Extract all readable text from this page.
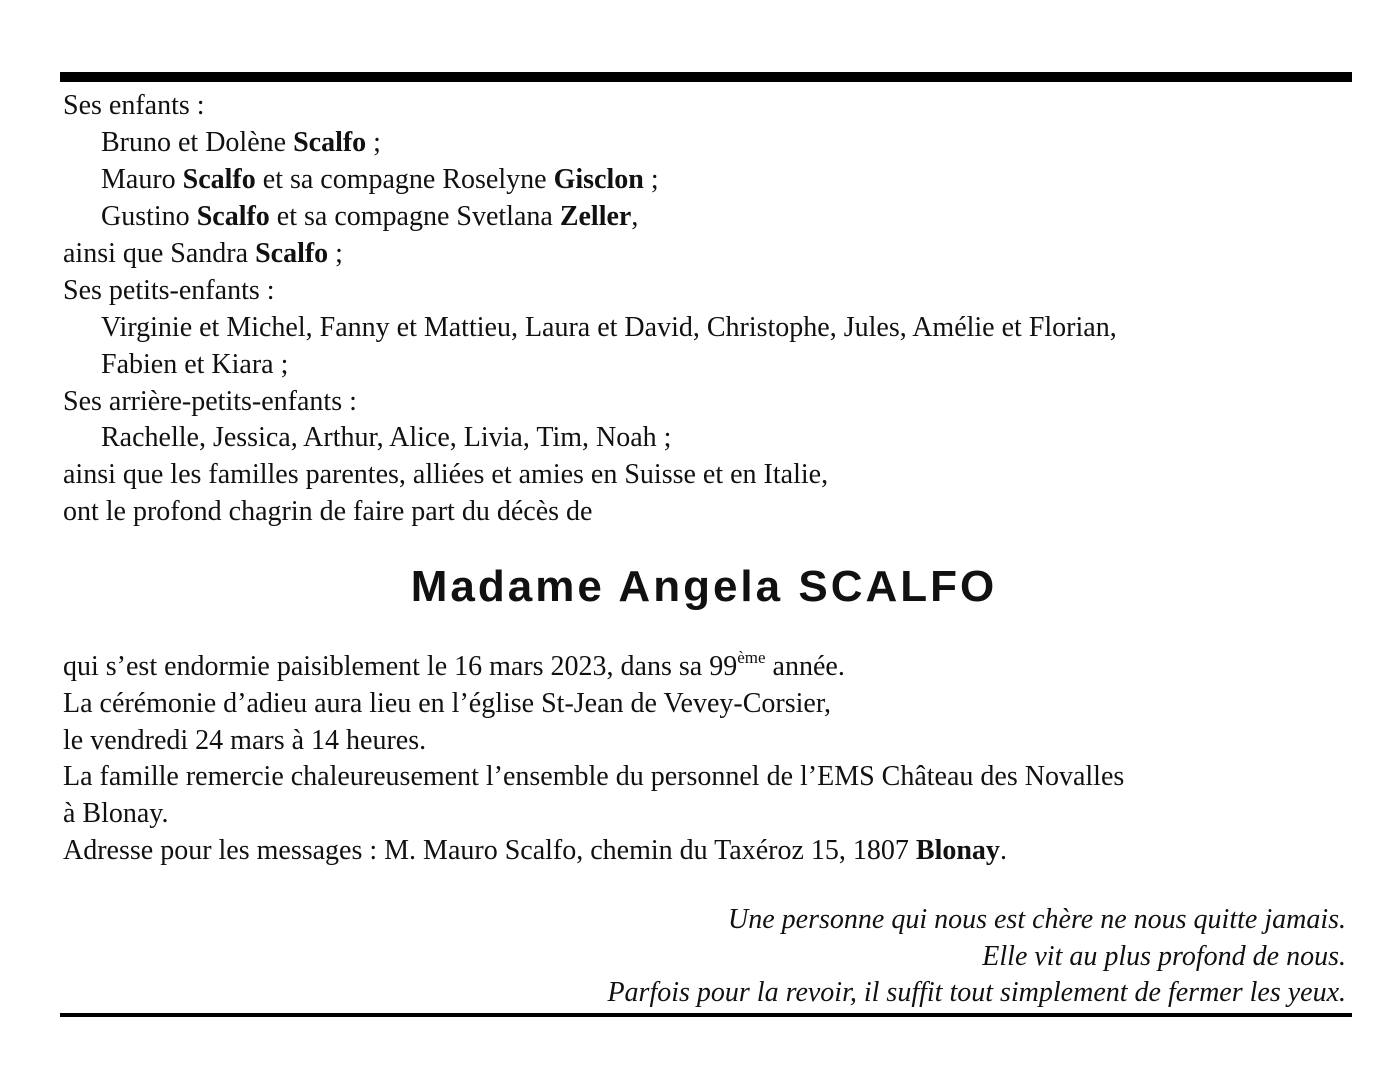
Ses enfants :
Bruno et Dolène Scalfo ;
Mauro Scalfo et sa compagne Roselyne Gisclon ;
Gustino Scalfo et sa compagne Svetlana Zeller,
ainsi que Sandra Scalfo ;
Ses petits-enfants :
Virginie et Michel, Fanny et Mattieu, Laura et David, Christophe, Jules, Amélie et Florian,
Fabien et Kiara ;
Ses arrière-petits-enfants :
Rachelle, Jessica, Arthur, Alice, Livia, Tim, Noah ;
ainsi que les familles parentes, alliées et amies en Suisse et en Italie,
ont le profond chagrin de faire part du décès de
Madame Angela SCALFO
qui s’est endormie paisiblement le 16 mars 2023, dans sa 99ème année.
La cérémonie d’adieu aura lieu en l’église St-Jean de Vevey-Corsier,
le vendredi 24 mars à 14 heures.
La famille remercie chaleureusement l’ensemble du personnel de l’EMS Château des Novalles
à Blonay.
Adresse pour les messages : M. Mauro Scalfo, chemin du Taxéroz 15, 1807 Blonay.
Une personne qui nous est chère ne nous quitte jamais.
Elle vit au plus profond de nous.
Parfois pour la revoir, il suffit tout simplement de fermer les yeux.
